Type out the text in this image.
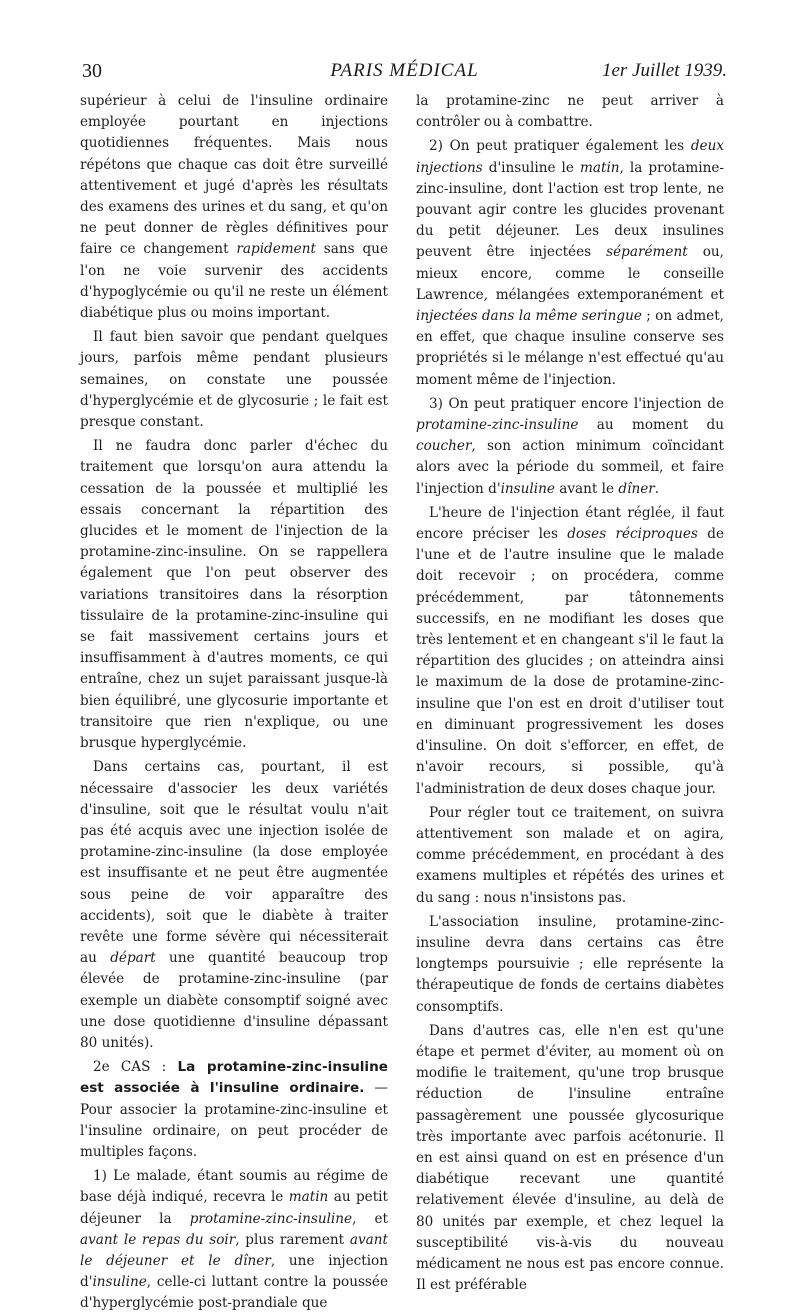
30	PARIS MÉDICAL	1er Juillet 1939.

supérieur à celui de l'insuline ordinaire employée pourtant en injections quotidiennes fréquentes. Mais nous répétons que chaque cas doit être surveillé attentivement et jugé d'après les résultats des examens des urines et du sang, et qu'on ne peut donner de règles définitives pour faire ce changement rapidement sans que l'on ne voie survenir des accidents d'hypoglycémie ou qu'il ne reste un élément diabétique plus ou moins important.

Il faut bien savoir que pendant quelques jours, parfois même pendant plusieurs semaines, on constate une poussée d'hyperglycémie et de glycosurie ; le fait est presque constant.

Il ne faudra donc parler d'échec du traitement que lorsqu'on aura attendu la cessation de la poussée et multiplié les essais concernant la répartition des glucides et le moment de l'injection de la protamine-zinc-insuline. On se rappellera également que l'on peut observer des variations transitoires dans la résorption tissulaire de la protamine-zinc-insuline qui se fait massivement certains jours et insuffisamment à d'autres moments, ce qui entraîne, chez un sujet paraissant jusque-là bien équilibré, une glycosurie importante et transitoire que rien n'explique, ou une brusque hyperglycémie.

Dans certains cas, pourtant, il est nécessaire d'associer les deux variétés d'insuline, soit que le résultat voulu n'ait pas été acquis avec une injection isolée de protamine-zinc-insuline (la dose employée est insuffisante et ne peut être augmentée sous peine de voir apparaître des accidents), soit que le diabète à traiter revête une forme sévère qui nécessiterait au départ une quantité beaucoup trop élevée de protamine-zinc-insuline (par exemple un diabète consomptif soigné avec une dose quotidienne d'insuline dépassant 80 unités).

2e CAS : La protamine-zinc-insuline est associée à l'insuline ordinaire. — Pour associer la protamine-zinc-insuline et l'insuline ordinaire, on peut procéder de multiples façons.

1) Le malade, étant soumis au régime de base déjà indiqué, recevra le matin au petit déjeuner la protamine-zinc-insuline, et avant le repas du soir, plus rarement avant le déjeuner et le dîner, une injection d'insuline, celle-ci luttant contre la poussée d'hyperglycémie post-prandiale que

la protamine-zinc ne peut arriver à contrôler ou à combattre.

2) On peut pratiquer également les deux injections d'insuline le matin, la protamine-zinc-insuline, dont l'action est trop lente, ne pouvant agir contre les glucides provenant du petit déjeuner. Les deux insulines peuvent être injectées séparément ou, mieux encore, comme le conseille Lawrence, mélangées extemporanément et injectées dans la même seringue ; on admet, en effet, que chaque insuline conserve ses propriétés si le mélange n'est effectué qu'au moment même de l'injection.

3) On peut pratiquer encore l'injection de protamine-zinc-insuline au moment du coucher, son action minimum coïncidant alors avec la période du sommeil, et faire l'injection d'insuline avant le dîner.

L'heure de l'injection étant réglée, il faut encore préciser les doses réciproques de l'une et de l'autre insuline que le malade doit recevoir ; on procédera, comme précédemment, par tâtonnements successifs, en ne modifiant les doses que très lentement et en changeant s'il le faut la répartition des glucides ; on atteindra ainsi le maximum de la dose de protamine-zinc-insuline que l'on est en droit d'utiliser tout en diminuant progressivement les doses d'insuline. On doit s'efforcer, en effet, de n'avoir recours, si possible, qu'à l'administration de deux doses chaque jour.

Pour régler tout ce traitement, on suivra attentivement son malade et on agira, comme précédemment, en procédant à des examens multiples et répétés des urines et du sang : nous n'insistons pas.

L'association insuline, protamine-zinc-insuline devra dans certains cas être longtemps poursuivie ; elle représente la thérapeutique de fonds de certains diabètes consomptifs.

Dans d'autres cas, elle n'en est qu'une étape et permet d'éviter, au moment où on modifie le traitement, qu'une trop brusque réduction de l'insuline entraîne passagèrement une poussée glycosurique très importante avec parfois acétonurie. Il en est ainsi quand on est en présence d'un diabétique recevant une quantité relativement élevée d'insuline, au delà de 80 unités par exemple, et chez lequel la susceptibilité vis-à-vis du nouveau médicament ne nous est pas encore connue. Il est préférable
